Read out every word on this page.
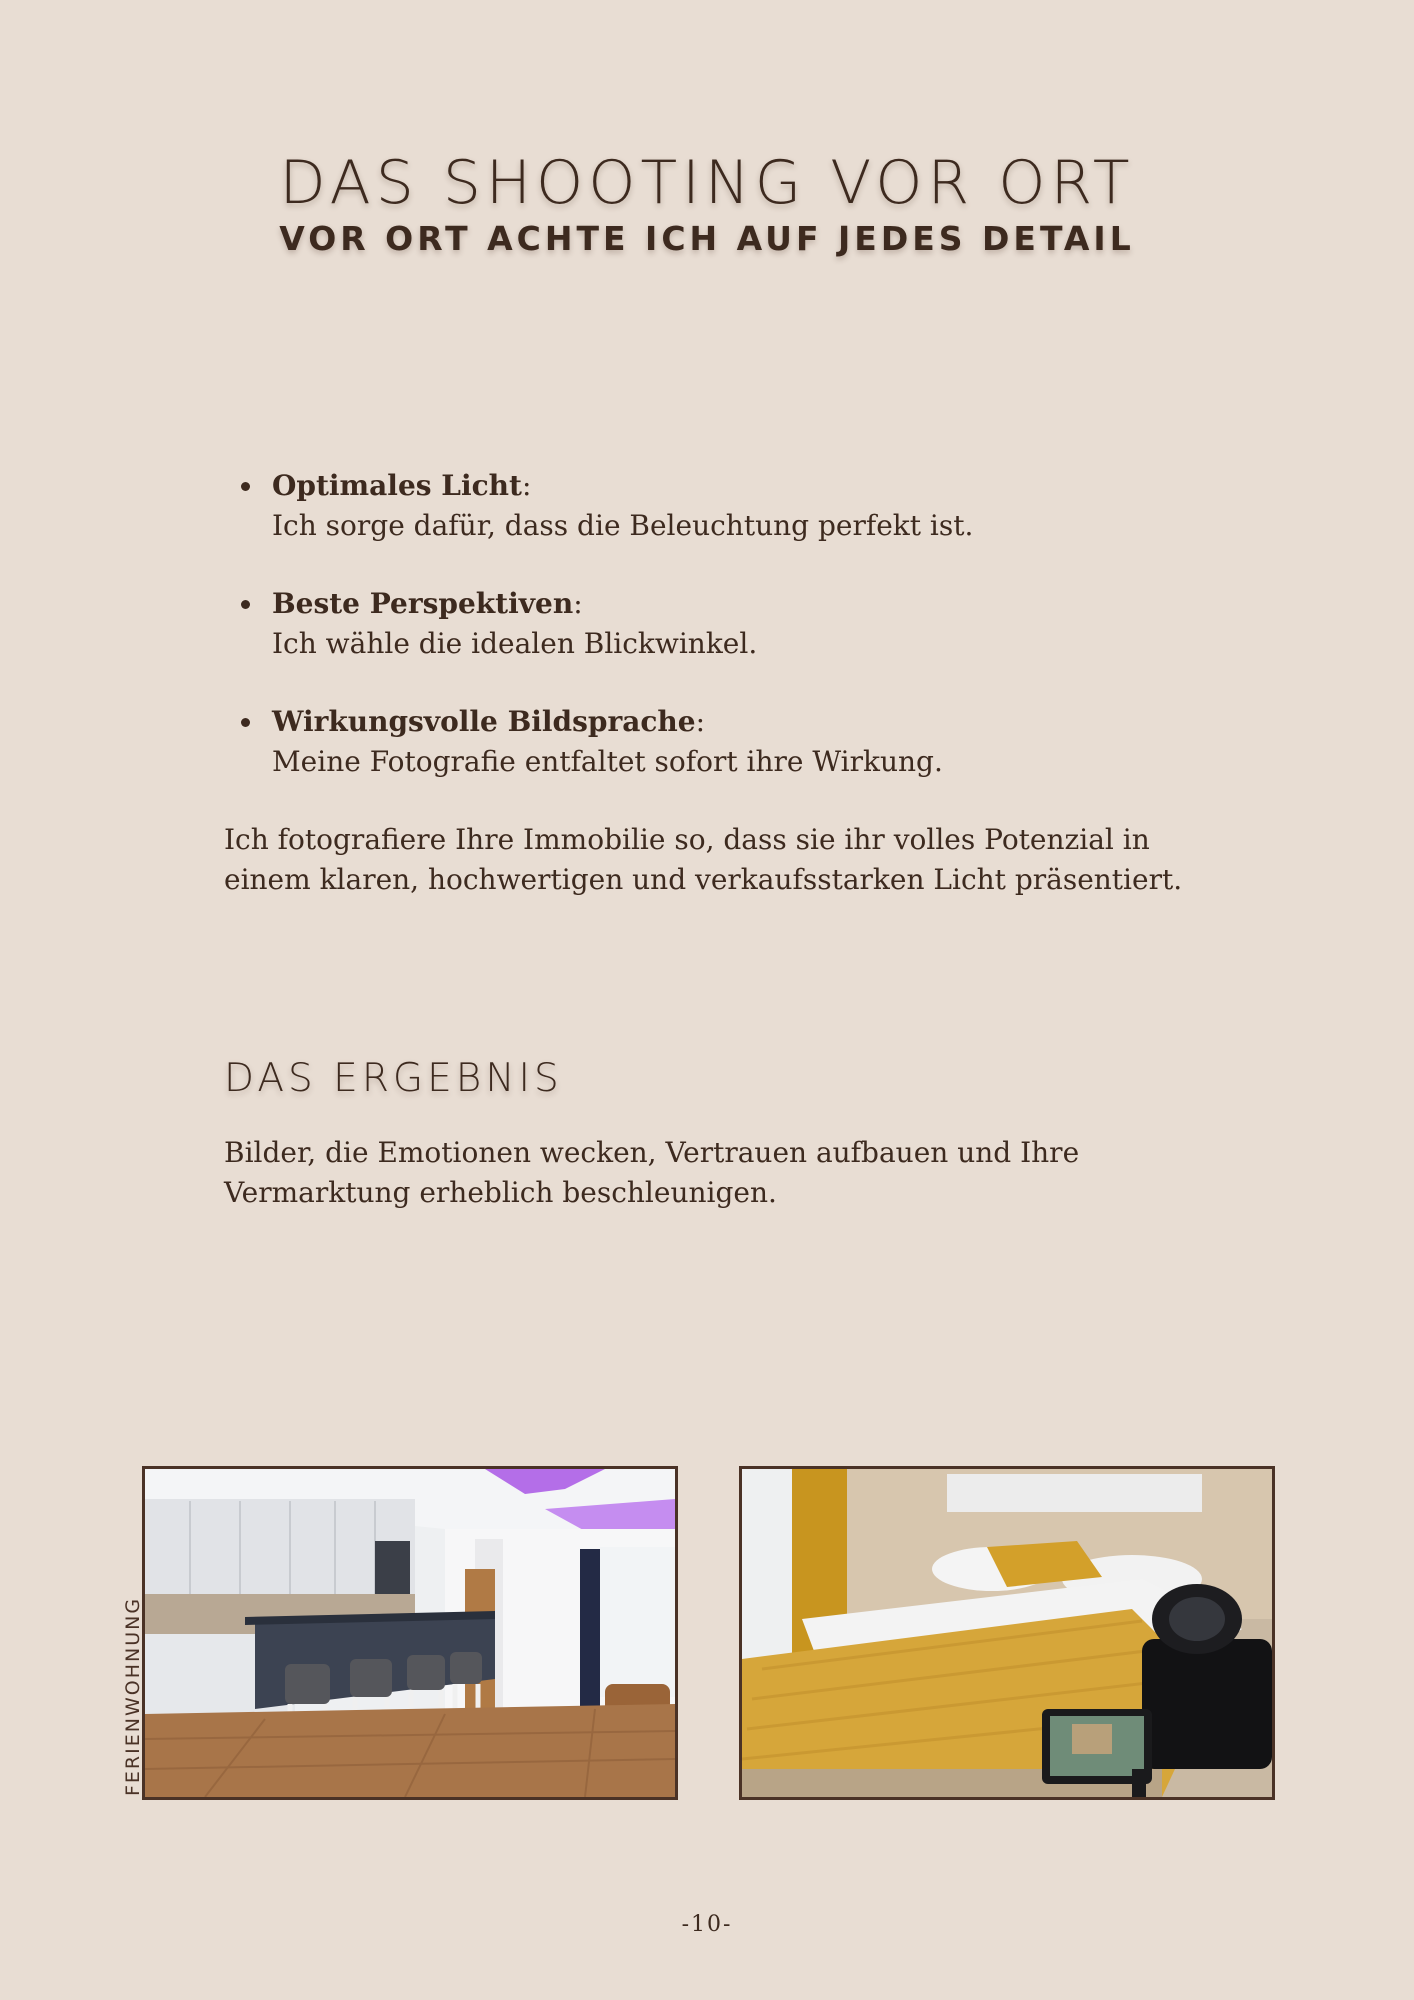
DAS SHOOTING VOR ORT
VOR ORT ACHTE ICH AUF JEDES DETAIL
Optimales Licht:
Ich sorge dafür, dass die Beleuchtung perfekt ist.
Beste Perspektiven:
Ich wähle die idealen Blickwinkel.
Wirkungsvolle Bildsprache:
Meine Fotografie entfaltet sofort ihre Wirkung.

Ich fotografiere Ihre Immobilie so, dass sie ihr volles Potenzial in einem klaren, hochwertigen und verkaufsstarken Licht präsentiert.

DAS ERGEBNIS

Bilder, die Emotionen wecken, Vertrauen aufbauen und Ihre Vermarktung erheblich beschleunigen.

FERIENWOHNUNG
-10-
